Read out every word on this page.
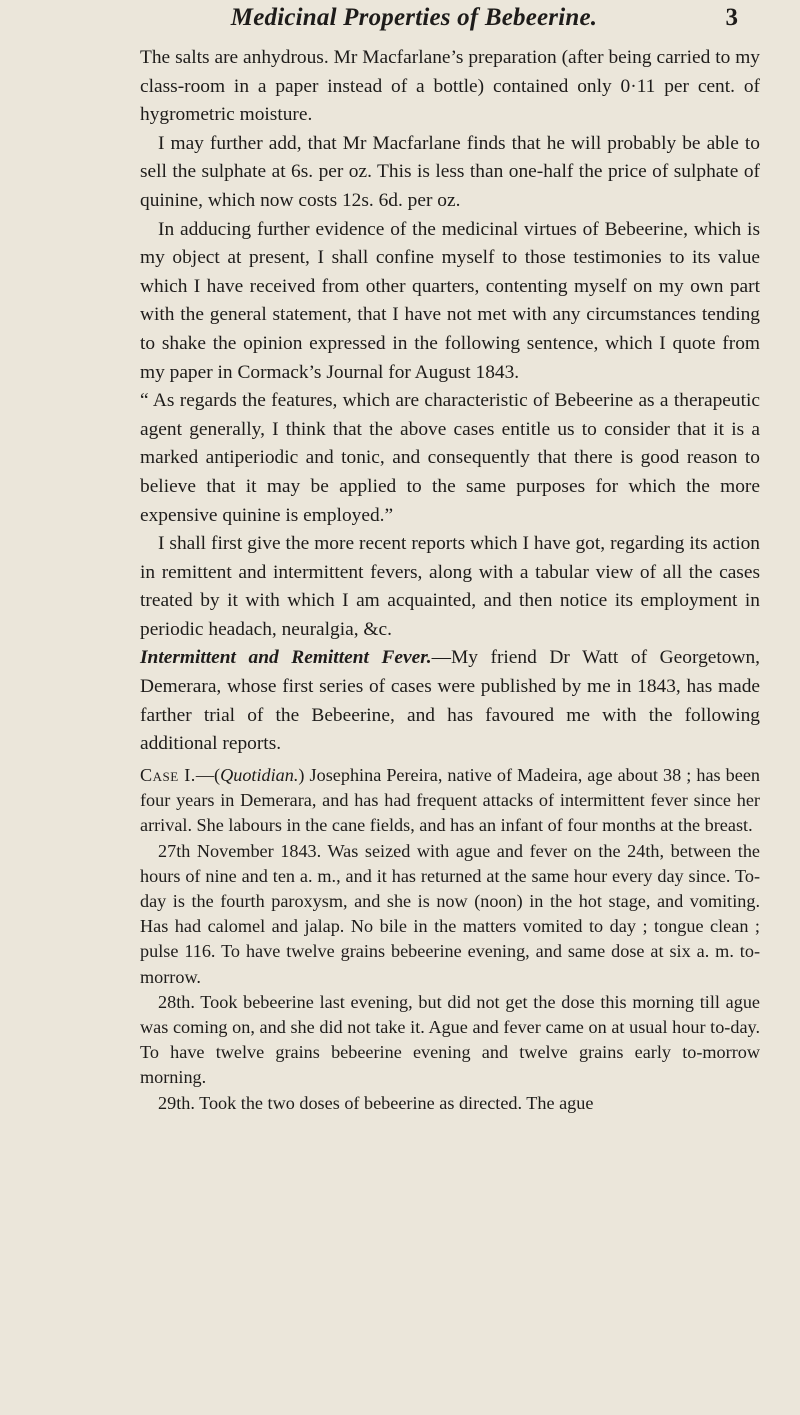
Medicinal Properties of Bebeerine.	3

The salts are anhydrous. Mr Macfarlane’s preparation (after being carried to my class-room in a paper instead of a bottle) contained only 0·11 per cent. of hygrometric moisture.

I may further add, that Mr Macfarlane finds that he will probably be able to sell the sulphate at 6s. per oz. This is less than one-half the price of sulphate of quinine, which now costs 12s. 6d. per oz.

In adducing further evidence of the medicinal virtues of Bebeerine, which is my object at present, I shall confine myself to those testimonies to its value which I have received from other quarters, contenting myself on my own part with the general statement, that I have not met with any circumstances tending to shake the opinion expressed in the following sentence, which I quote from my paper in Cormack’s Journal for August 1843.

“ As regards the features, which are characteristic of Bebeerine as a therapeutic agent generally, I think that the above cases entitle us to consider that it is a marked antiperiodic and tonic, and consequently that there is good reason to believe that it may be applied to the same purposes for which the more expensive quinine is employed.”

I shall first give the more recent reports which I have got, regarding its action in remittent and intermittent fevers, along with a tabular view of all the cases treated by it with which I am acquainted, and then notice its employment in periodic headach, neuralgia, &c.

Intermittent and Remittent Fever.—My friend Dr Watt of Georgetown, Demerara, whose first series of cases were published by me in 1843, has made farther trial of the Bebeerine, and has favoured me with the following additional reports.

Case I.—(Quotidian.) Josephina Pereira, native of Madeira, age about 38 ; has been four years in Demerara, and has had frequent attacks of intermittent fever since her arrival. She labours in the cane fields, and has an infant of four months at the breast.

27th November 1843. Was seized with ague and fever on the 24th, between the hours of nine and ten a. m., and it has returned at the same hour every day since. To-day is the fourth paroxysm, and she is now (noon) in the hot stage, and vomiting. Has had calomel and jalap. No bile in the matters vomited to day ; tongue clean ; pulse 116. To have twelve grains bebeerine evening, and same dose at six a. m. to-morrow.

28th. Took bebeerine last evening, but did not get the dose this morning till ague was coming on, and she did not take it. Ague and fever came on at usual hour to-day. To have twelve grains bebeerine evening and twelve grains early to-morrow morning.

29th. Took the two doses of bebeerine as directed. The ague
